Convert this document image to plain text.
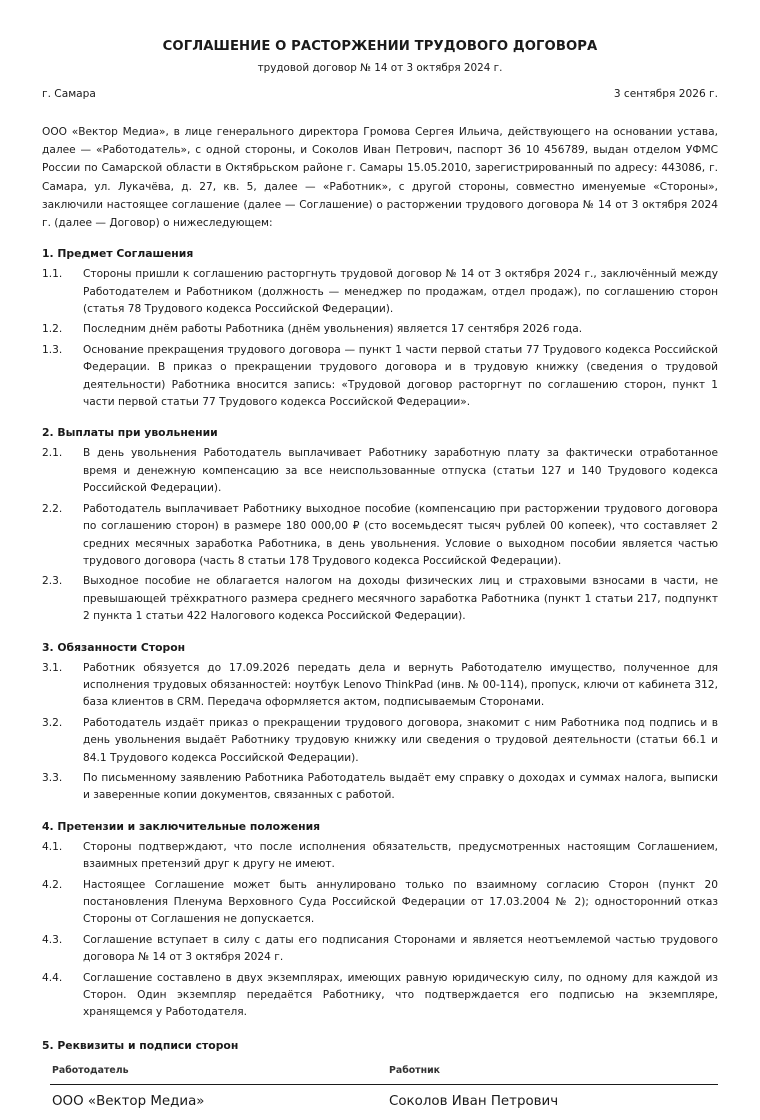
СОГЛАШЕНИЕ О РАСТОРЖЕНИИ ТРУДОВОГО ДОГОВОРА
трудовой договор № 14 от 3 октября 2024 г.
г. Самара	3 сентября 2026 г.
ООО «Вектор Медиа», в лице генерального директора Громова Сергея Ильича, действующего на основании устава, далее — «Работодатель», с одной стороны, и Соколов Иван Петрович, паспорт 36 10 456789, выдан отделом УФМС России по Самарской области в Октябрьском районе г. Самары 15.05.2010, зарегистрированный по адресу: 443086, г. Самара, ул. Лукачёва, д. 27, кв. 5, далее — «Работник», с другой стороны, совместно именуемые «Стороны», заключили настоящее соглашение (далее — Соглашение) о расторжении трудового договора № 14 от 3 октября 2024 г. (далее — Договор) о нижеследующем:
1. Предмет Соглашения
1.1.	Стороны пришли к соглашению расторгнуть трудовой договор № 14 от 3 октября 2024 г., заключённый между Работодателем и Работником (должность — менеджер по продажам, отдел продаж), по соглашению сторон (статья 78 Трудового кодекса Российской Федерации).
1.2.	Последним днём работы Работника (днём увольнения) является 17 сентября 2026 года.
1.3.	Основание прекращения трудового договора — пункт 1 части первой статьи 77 Трудового кодекса Российской Федерации. В приказ о прекращении трудового договора и в трудовую книжку (сведения о трудовой деятельности) Работника вносится запись: «Трудовой договор расторгнут по соглашению сторон, пункт 1 части первой статьи 77 Трудового кодекса Российской Федерации».
2. Выплаты при увольнении
2.1.	В день увольнения Работодатель выплачивает Работнику заработную плату за фактически отработанное время и денежную компенсацию за все неиспользованные отпуска (статьи 127 и 140 Трудового кодекса Российской Федерации).
2.2.	Работодатель выплачивает Работнику выходное пособие (компенсацию при расторжении трудового договора по соглашению сторон) в размере 180 000,00 ₽ (сто восемьдесят тысяч рублей 00 копеек), что составляет 2 средних месячных заработка Работника, в день увольнения. Условие о выходном пособии является частью трудового договора (часть 8 статьи 178 Трудового кодекса Российской Федерации).
2.3.	Выходное пособие не облагается налогом на доходы физических лиц и страховыми взносами в части, не превышающей трёхкратного размера среднего месячного заработка Работника (пункт 1 статьи 217, подпункт 2 пункта 1 статьи 422 Налогового кодекса Российской Федерации).
3. Обязанности Сторон
3.1.	Работник обязуется до 17.09.2026 передать дела и вернуть Работодателю имущество, полученное для исполнения трудовых обязанностей: ноутбук Lenovo ThinkPad (инв. № 00-114), пропуск, ключи от кабинета 312, база клиентов в CRM. Передача оформляется актом, подписываемым Сторонами.
3.2.	Работодатель издаёт приказ о прекращении трудового договора, знакомит с ним Работника под подпись и в день увольнения выдаёт Работнику трудовую книжку или сведения о трудовой деятельности (статьи 66.1 и 84.1 Трудового кодекса Российской Федерации).
3.3.	По письменному заявлению Работника Работодатель выдаёт ему справку о доходах и суммах налога, выписки и заверенные копии документов, связанных с работой.
4. Претензии и заключительные положения
4.1.	Стороны подтверждают, что после исполнения обязательств, предусмотренных настоящим Соглашением, взаимных претензий друг к другу не имеют.
4.2.	Настоящее Соглашение может быть аннулировано только по взаимному согласию Сторон (пункт 20 постановления Пленума Верховного Суда Российской Федерации от 17.03.2004 № 2); односторонний отказ Стороны от Соглашения не допускается.
4.3.	Соглашение вступает в силу с даты его подписания Сторонами и является неотъемлемой частью трудового договора № 14 от 3 октября 2024 г.
4.4.	Соглашение составлено в двух экземплярах, имеющих равную юридическую силу, по одному для каждой из Сторон. Один экземпляр передаётся Работнику, что подтверждается его подписью на экземпляре, хранящемся у Работодателя.
5. Реквизиты и подписи сторон
Работодатель	Работник
ООО «Вектор Медиа»	Соколов Иван Петрович
